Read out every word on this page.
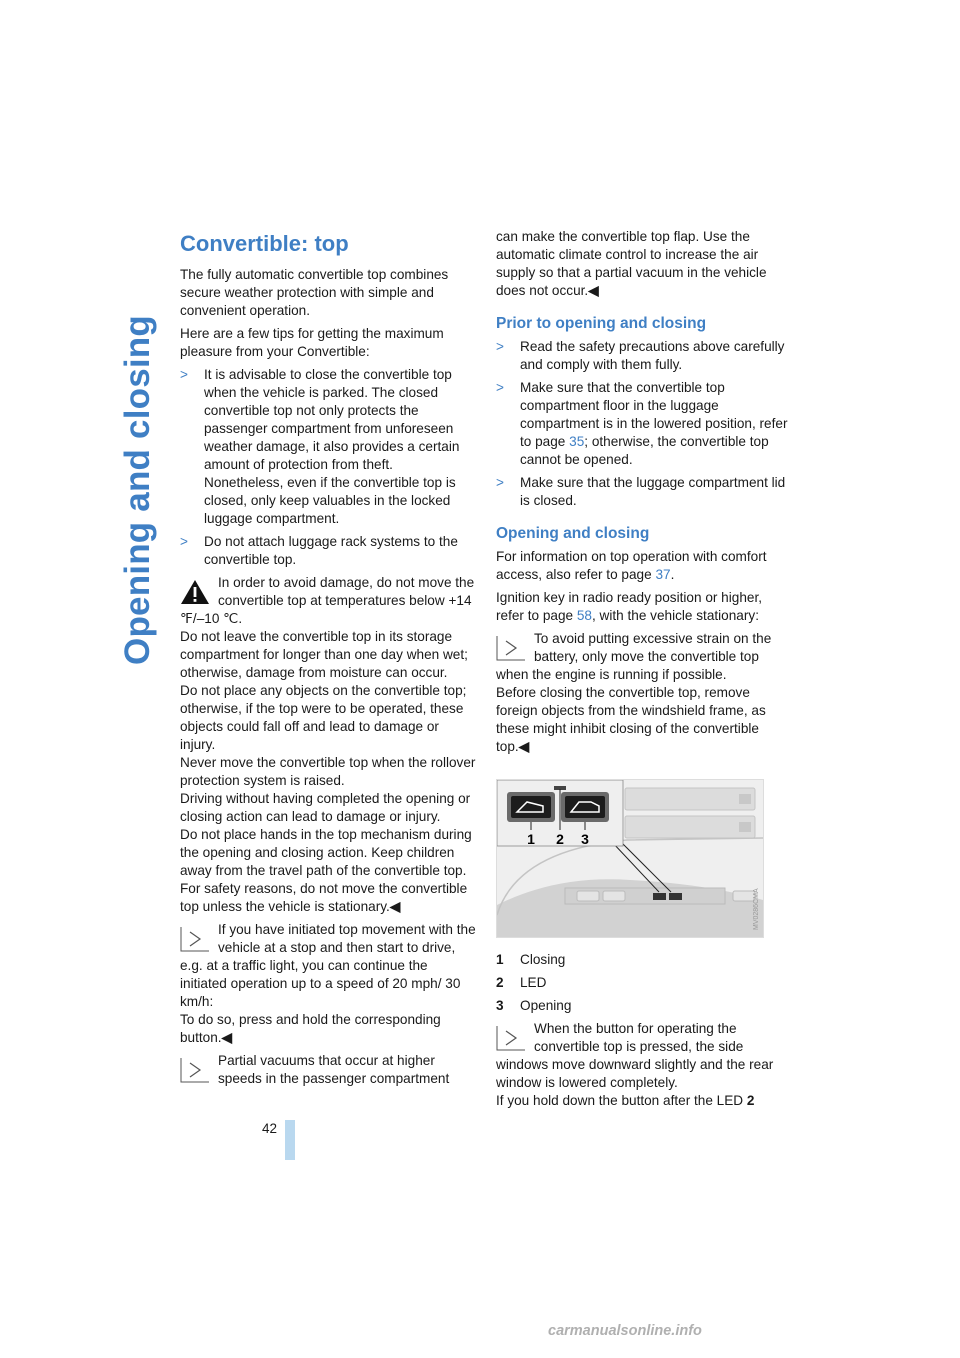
Opening and closing
42
Convertible: top

The fully automatic convertible top combines secure weather protection with simple and convenient operation.

Here are a few tips for getting the maximum pleasure from your Convertible:

>	It is advisable to close the convertible top when the vehicle is parked. The closed convertible top not only protects the passenger compartment from unforeseen weather damage, it also provides a certain amount of protection from theft. Nonetheless, even if the convertible top is closed, only keep valuables in the locked luggage compartment.
>	Do not attach luggage rack systems to the convertible top.
In order to avoid damage, do not move the convertible top at temperatures below +14 ℉/–10 ℃.
Do not leave the convertible top in its storage compartment for longer than one day when wet; otherwise, damage from moisture can occur.
Do not place any objects on the convertible top; otherwise, if the top were to be operated, these objects could fall off and lead to damage or injury.
Never move the convertible top when the rollover protection system is raised.
Driving without having completed the opening or closing action can lead to damage or injury.
Do not place hands in the top mechanism during the opening and closing action. Keep children away from the travel path of the convertible top.
For safety reasons, do not move the convertible top unless the vehicle is stationary.◀
If you have initiated top movement with the vehicle at a stop and then start to drive, e.g. at a traffic light, you can continue the initiated operation up to a speed of 20 mph/ 30 km/h:
To do so, press and hold the corresponding button.◀
Partial vacuums that occur at higher speeds in the passenger compartment

can make the convertible top flap. Use the automatic climate control to increase the air supply so that a partial vacuum in the vehicle does not occur.◀

Prior to opening and closing
>	Read the safety precautions above carefully and comply with them fully.
>	Make sure that the convertible top compartment floor in the luggage compartment is in the lowered position, refer to page 35; otherwise, the convertible top cannot be opened.
>	Make sure that the luggage compartment lid is closed.
Opening and closing

For information on top operation with comfort access, also refer to page 37.

Ignition key in radio ready position or higher, refer to page 58, with the vehicle stationary:

To avoid putting excessive strain on the battery, only move the convertible top when the engine is running if possible.
Before closing the convertible top, remove foreign objects from the windshield frame, as these might inhibit closing of the convertible top.◀
1 2 3
MV0286CMA
1	Closing
2	LED
3	Opening
When the button for operating the convertible top is pressed, the side windows move downward slightly and the rear window is lowered completely.
If you hold down the button after the LED 2
carmanualsonline.info
